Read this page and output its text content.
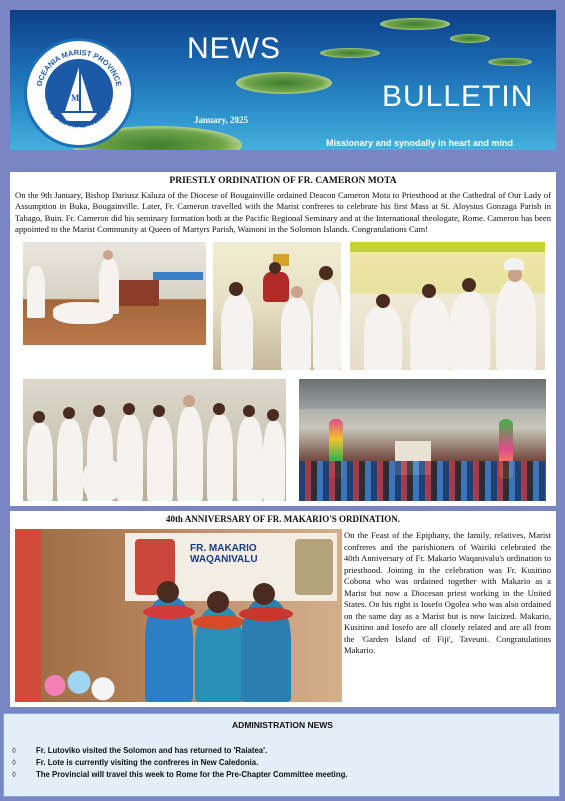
M
OCEANIA MARIST PROVINCE
SUB MARIAE NOMINE
NEWS
BULLETIN
January, 2025
Missionary and synodally in heart and mind
PRIESTLY ORDINATION OF FR. CAMERON MOTA
On the 9th January, Bishop Dariusz Kaluza of the Diocese of Bougainville ordained Deacon Cameron Mota to Priesthood at the Cathedral of Our Lady of Assumption in Buka, Bougainville. Later, Fr. Cameron travelled with the Marist confreres to celebrate his first Mass at St. Aloysius Gonzaga Parish in Tabago, Buin. Fr. Cameron did his seminary formation both at the Pacific Regional Seminary and at the International theologate, Rome. Cameron has been appointed to the Marist Community at Queen of Martyrs Parish, Wainoni in the Solomon Islands. Congratulations Cam!
40th ANNIVERSARY OF FR. MAKARIO'S ORDINATION.
FR. MAKARIO WAQANIVALU
On the Feast of the Epiphany, the family, relatives, Marist confreres and the parishioners of Wairiki celebrated the 40th Anniversary of Fr. Makario Waqanivalu's ordination to priesthood. Joining in the celebration was Fr. Kusitino Cobona who was ordained together with Makario as a Marist but now a Diocesan priest working in the United States. On his right is Iosefo Ogolea who was also ordained on the same day as a Marist but is now laicized. Makario, Kusitino and Iosefo are all closely related and are all from the 'Garden Island of Fiji', Taveuni. Congratulations Makario.
ADMINISTRATION NEWS
◊	Fr. Lutoviko visited the Solomon and has returned to 'Raiatea'.
◊	Fr. Lote is currently visiting the confreres in New Caledonia.
◊	The Provincial will travel this week to Rome for the Pre-Chapter Committee meeting.
